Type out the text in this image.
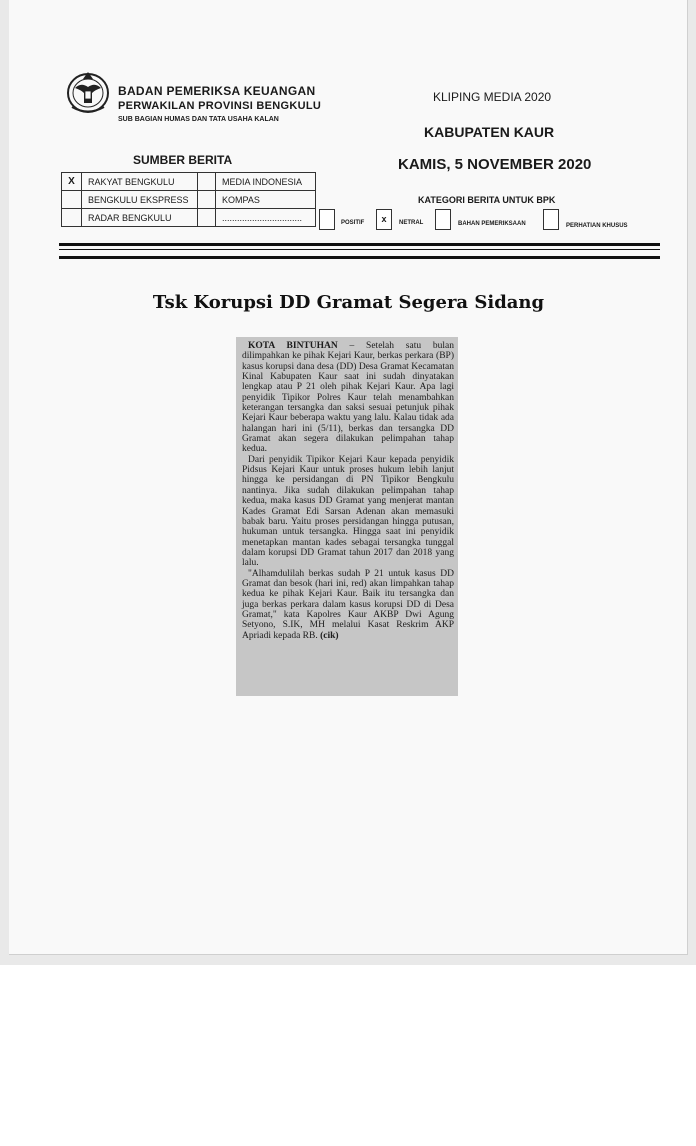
BADAN PEMERIKSA KEUANGAN
PERWAKILAN PROVINSI BENGKULU
SUB BAGIAN HUMAS DAN TATA USAHA KALAN
KLIPING MEDIA 2020
KABUPATEN KAUR
KAMIS, 5 NOVEMBER 2020
SUMBER BERITA
X	RAKYAT BENGKULU		MEDIA INDONESIA
	BENGKULU EKSPRESS		KOMPAS
	RADAR BENGKULU		................................
KATEGORI BERITA UNTUK BPK
POSITIF	x	NETRAL	BAHAN PEMERIKSAAN	PERHATIAN KHUSUS
Tsk Korupsi DD Gramat Segera Sidang

KOTA BINTUHAN – Setelah satu bulan dilimpahkan ke pihak Kejari Kaur, berkas perkara (BP) kasus korupsi dana desa (DD) Desa Gramat Kecamatan Kinal Kabupaten Kaur saat ini sudah dinyatakan lengkap atau P 21 oleh pihak Kejari Kaur. Apa lagi penyidik Tipikor Polres Kaur telah menambahkan keterangan tersangka dan saksi sesuai petunjuk pihak Kejari Kaur beberapa waktu yang lalu. Kalau tidak ada halangan hari ini (5/11), berkas dan tersangka DD Gramat akan segera dilakukan pelimpahan tahap kedua.

Dari penyidik Tipikor Kejari Kaur kepada penyidik Pidsus Kejari Kaur untuk proses hukum lebih lanjut hingga ke persidangan di PN Tipikor Bengkulu nantinya. Jika sudah dilakukan pelimpahan tahap kedua, maka kasus DD Gramat yang menjerat mantan Kades Gramat Edi Sarsan Adenan akan memasuki babak baru. Yaitu proses persidangan hingga putusan, hukuman untuk tersangka. Hingga saat ini penyidik menetapkan mantan kades sebagai tersangka tunggal dalam korupsi DD Gramat tahun 2017 dan 2018 yang lalu.

"Alhamdulilah berkas sudah P 21 untuk kasus DD Gramat dan besok (hari ini, red) akan limpahkan tahap kedua ke pihak Kejari Kaur. Baik itu tersangka dan juga berkas perkara dalam kasus korupsi DD di Desa Gramat," kata Kapolres Kaur AKBP Dwi Agung Setyono, S.IK, MH melalui Kasat Reskrim AKP Apriadi kepada RB. (cik)
